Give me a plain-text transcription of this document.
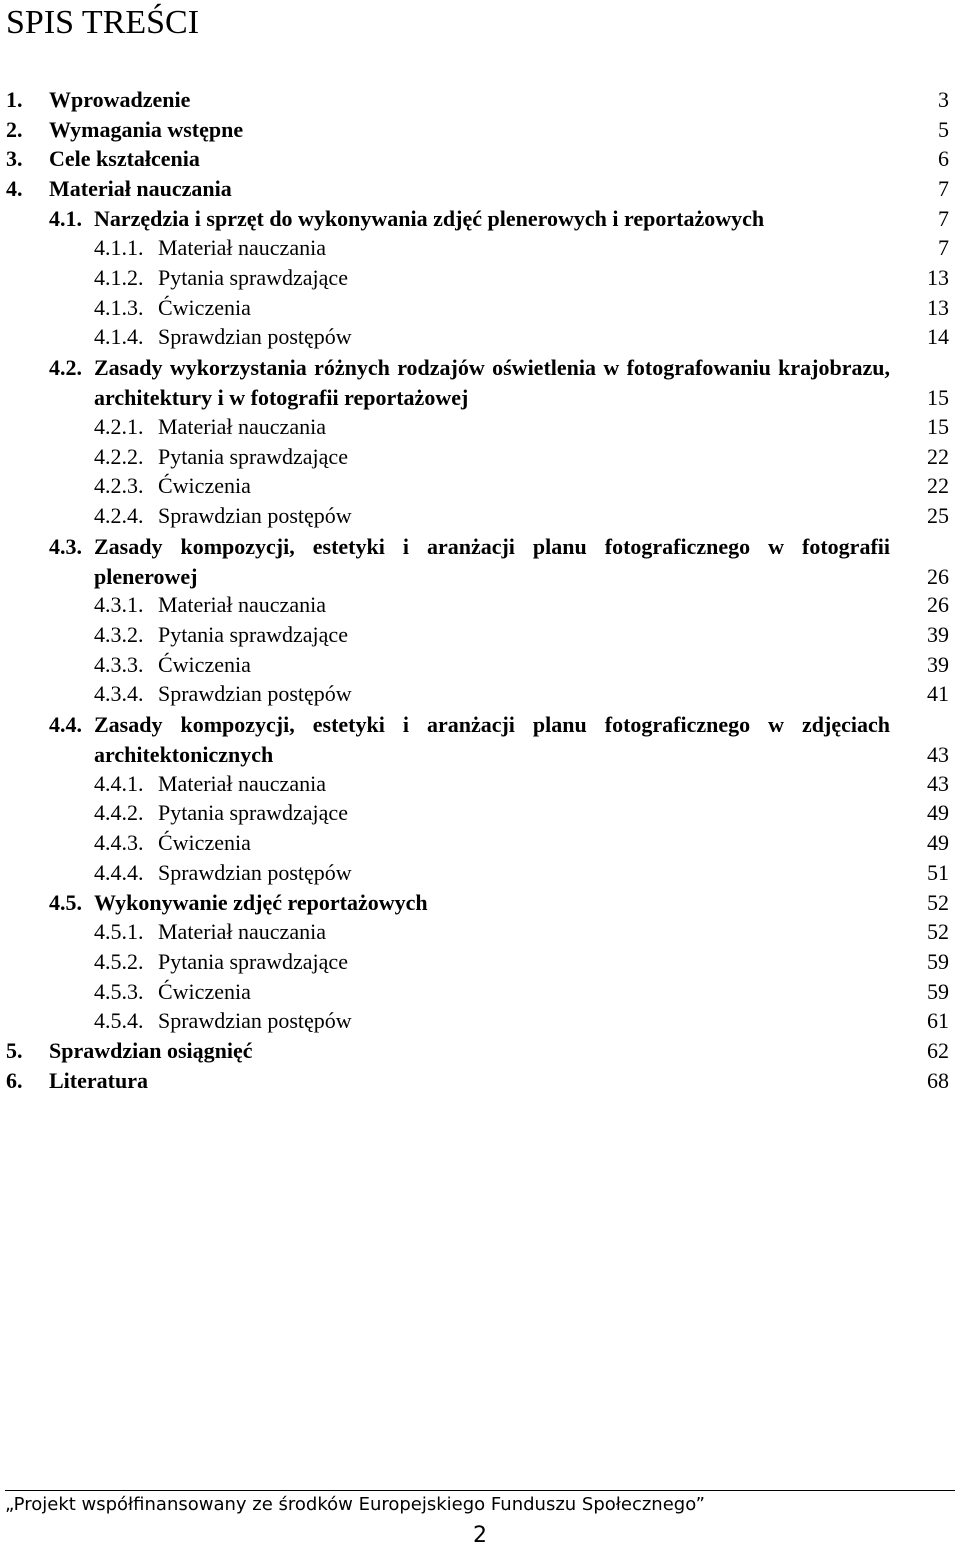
SPIS TREŚCI
1. Wprowadzenie	3
2. Wymagania wstępne	5
3. Cele kształcenia	6
4. Materiał nauczania	7
4.1. Narzędzia i sprzęt do wykonywania zdjęć plenerowych i reportażowych	7
4.1.1. Materiał nauczania	7
4.1.2. Pytania sprawdzające	13
4.1.3. Ćwiczenia	13
4.1.4. Sprawdzian postępów	14
4.2. Zasady wykorzystania różnych rodzajów oświetlenia w fotografowaniu krajobrazu, architektury i w fotografii reportażowej	15
4.2.1. Materiał nauczania	15
4.2.2. Pytania sprawdzające	22
4.2.3. Ćwiczenia	22
4.2.4. Sprawdzian postępów	25
4.3. Zasady kompozycji, estetyki i aranżacji planu fotograficznego w fotografii plenerowej	26
4.3.1. Materiał nauczania	26
4.3.2. Pytania sprawdzające	39
4.3.3. Ćwiczenia	39
4.3.4. Sprawdzian postępów	41
4.4. Zasady kompozycji, estetyki i aranżacji planu fotograficznego w zdjęciach architektonicznych	43
4.4.1. Materiał nauczania	43
4.4.2. Pytania sprawdzające	49
4.4.3. Ćwiczenia	49
4.4.4. Sprawdzian postępów	51
4.5. Wykonywanie zdjęć reportażowych	52
4.5.1. Materiał nauczania	52
4.5.2. Pytania sprawdzające	59
4.5.3. Ćwiczenia	59
4.5.4. Sprawdzian postępów	61
5. Sprawdzian osiągnięć	62
6. Literatura	68
„Projekt współfinansowany ze środków Europejskiego Funduszu Społecznego”
2
